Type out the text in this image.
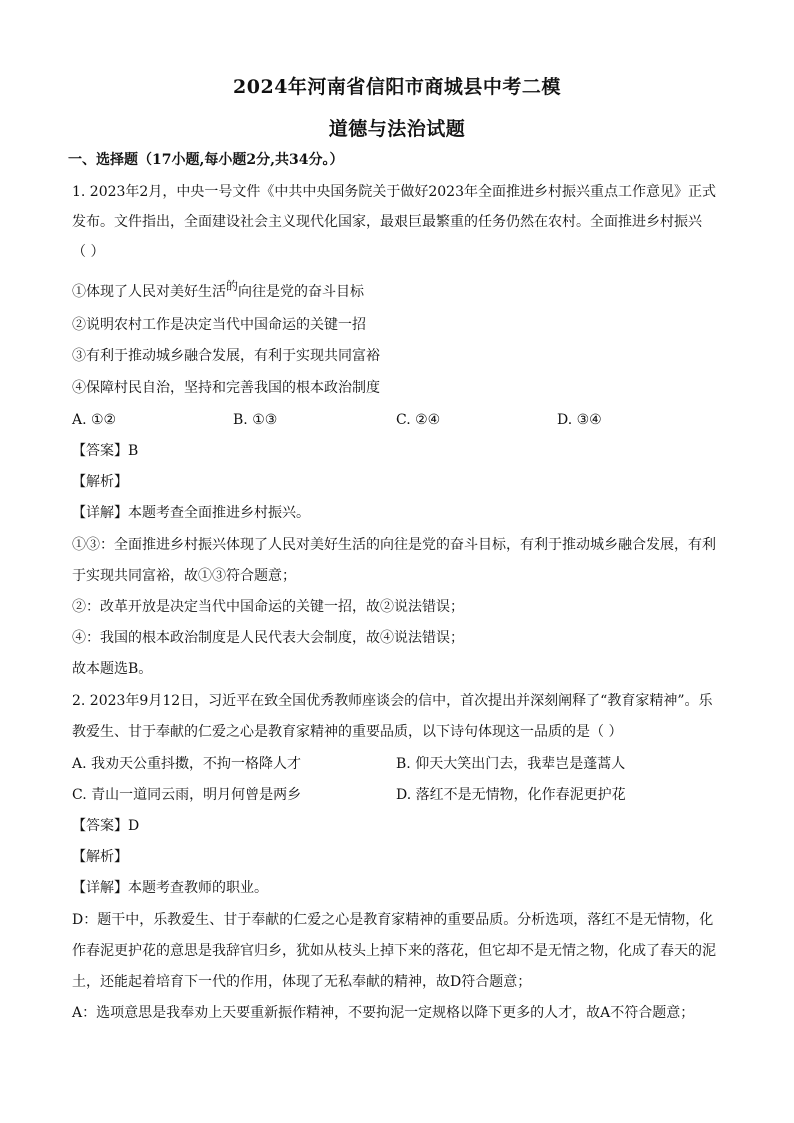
2024年河南省信阳市商城县中考二模
道德与法治试题
一、选择题（17小题,每小题2分,共34分。）
1. 2023年2月，中央一号文件《中共中央国务院关于做好2023年全面推进乡村振兴重点工作意见》正式
发布。文件指出，全面建设社会主义现代化国家，最艰巨最繁重的任务仍然在农村。全面推进乡村振兴
（ ）
①体现了人民对美好生活的向往是党的奋斗目标
②说明农村工作是决定当代中国命运的关键一招
③有利于推动城乡融合发展，有利于实现共同富裕
④保障村民自治，坚持和完善我国的根本政治制度
A. ①②	B. ①③	C. ②④	D. ③④
【答案】B
【解析】
【详解】本题考查全面推进乡村振兴。
①③：全面推进乡村振兴体现了人民对美好生活的向往是党的奋斗目标，有利于推动城乡融合发展，有利
于实现共同富裕，故①③符合题意；
②：改革开放是决定当代中国命运的关键一招，故②说法错误；
④：我国的根本政治制度是人民代表大会制度，故④说法错误；
故本题选B。
2. 2023年9月12日，习近平在致全国优秀教师座谈会的信中，首次提出并深刻阐释了“教育家精神”。乐
教爱生、甘于奉献的仁爱之心是教育家精神的重要品质，以下诗句体现这一品质的是（ ）
A. 我劝天公重抖擞，不拘一格降人才	B. 仰天大笑出门去，我辈岂是蓬蒿人
C. 青山一道同云雨，明月何曾是两乡	D. 落红不是无情物，化作春泥更护花
【答案】D
【解析】
【详解】本题考查教师的职业。
D：题干中，乐教爱生、甘于奉献的仁爱之心是教育家精神的重要品质。分析选项，落红不是无情物，化
作春泥更护花的意思是我辞官归乡，犹如从枝头上掉下来的落花，但它却不是无情之物，化成了春天的泥
土，还能起着培育下一代的作用，体现了无私奉献的精神，故D符合题意；
A：选项意思是我奉劝上天要重新振作精神，不要拘泥一定规格以降下更多的人才，故A不符合题意；
